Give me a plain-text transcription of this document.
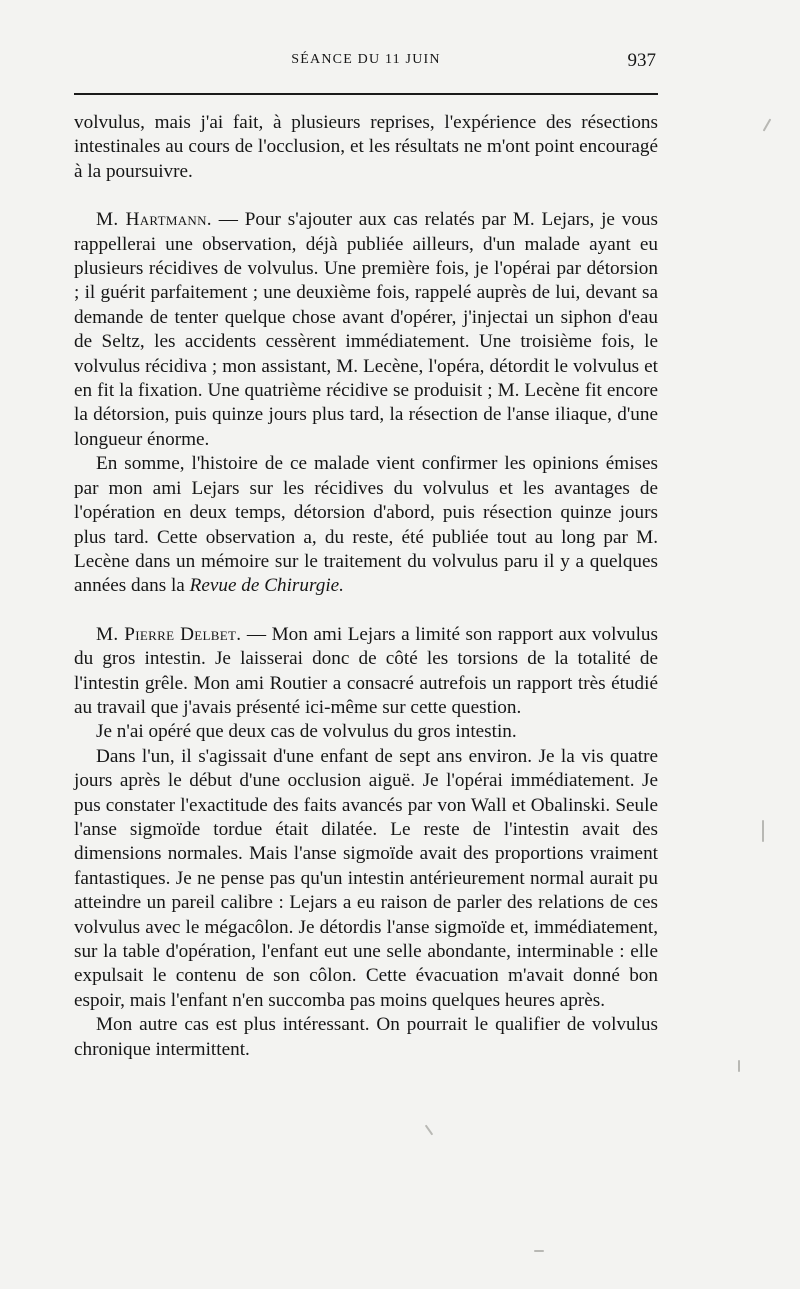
SÉANCE DU 11 JUIN	937

volvulus, mais j'ai fait, à plusieurs reprises, l'expérience des résections intestinales au cours de l'occlusion, et les résultats ne m'ont point encouragé à la poursuivre.

M. Hartmann. — Pour s'ajouter aux cas relatés par M. Lejars, je vous rappellerai une observation, déjà publiée ailleurs, d'un malade ayant eu plusieurs récidives de volvulus. Une première fois, je l'opérai par détorsion ; il guérit parfaitement ; une deuxième fois, rappelé auprès de lui, devant sa demande de tenter quelque chose avant d'opérer, j'injectai un siphon d'eau de Seltz, les accidents cessèrent immédiatement. Une troisième fois, le volvulus récidiva ; mon assistant, M. Lecène, l'opéra, détordit le volvulus et en fit la fixation. Une quatrième récidive se produisit ; M. Lecène fit encore la détorsion, puis quinze jours plus tard, la résection de l'anse iliaque, d'une longueur énorme.

En somme, l'histoire de ce malade vient confirmer les opinions émises par mon ami Lejars sur les récidives du volvulus et les avantages de l'opération en deux temps, détorsion d'abord, puis résection quinze jours plus tard. Cette observation a, du reste, été publiée tout au long par M. Lecène dans un mémoire sur le traitement du volvulus paru il y a quelques années dans la Revue de Chirurgie.

M. Pierre Delbet. — Mon ami Lejars a limité son rapport aux volvulus du gros intestin. Je laisserai donc de côté les torsions de la totalité de l'intestin grêle. Mon ami Routier a consacré autrefois un rapport très étudié au travail que j'avais présenté ici-même sur cette question.

Je n'ai opéré que deux cas de volvulus du gros intestin.

Dans l'un, il s'agissait d'une enfant de sept ans environ. Je la vis quatre jours après le début d'une occlusion aiguë. Je l'opérai immédiatement. Je pus constater l'exactitude des faits avancés par von Wall et Obalinski. Seule l'anse sigmoïde tordue était dilatée. Le reste de l'intestin avait des dimensions normales. Mais l'anse sigmoïde avait des proportions vraiment fantastiques. Je ne pense pas qu'un intestin antérieurement normal aurait pu atteindre un pareil calibre : Lejars a eu raison de parler des relations de ces volvulus avec le mégacôlon. Je détordis l'anse sigmoïde et, immédiatement, sur la table d'opération, l'enfant eut une selle abondante, interminable : elle expulsait le contenu de son côlon. Cette évacuation m'avait donné bon espoir, mais l'enfant n'en succomba pas moins quelques heures après.

Mon autre cas est plus intéressant. On pourrait le qualifier de volvulus chronique intermittent.
